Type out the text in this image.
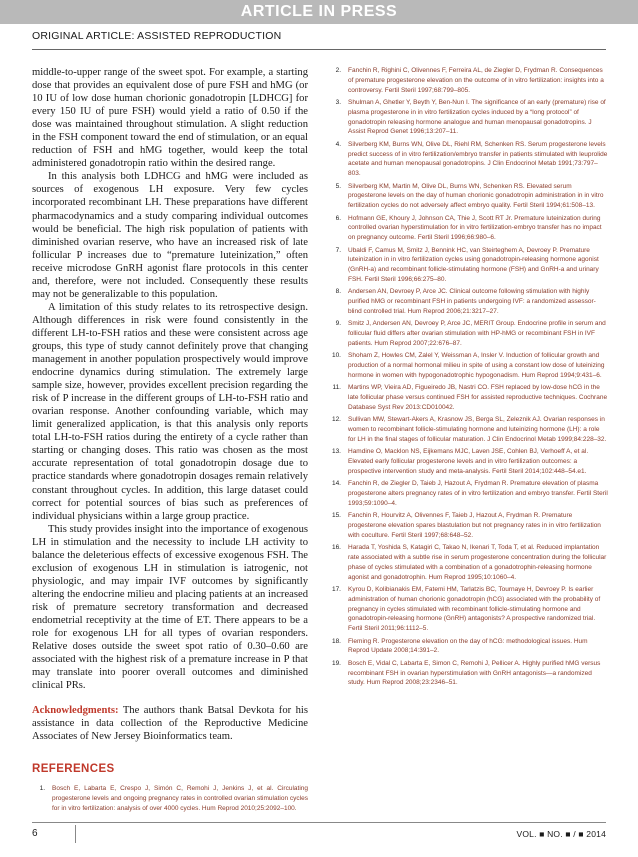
ARTICLE IN PRESS
ORIGINAL ARTICLE: ASSISTED REPRODUCTION

middle-to-upper range of the sweet spot. For example, a starting dose that provides an equivalent dose of pure FSH and hMG (or 10 IU of low dose human chorionic gonadotropin [LDHCG] for every 150 IU of pure FSH) would yield a ratio of 0.50 if the dose was maintained throughout stimulation. A slight reduction in the FSH component toward the end of stimulation, or an equal reduction of FSH and hMG together, would keep the total administered gonadotropin ratio within the desired range.

In this analysis both LDHCG and hMG were included as sources of exogenous LH exposure. Very few cycles incorporated recombinant LH. These preparations have different pharmacodynamics and a study comparing individual outcomes would be beneficial. The high risk population of patients with diminished ovarian reserve, who have an increased risk of late follicular P increases due to “premature luteinization,” often receive microdose GnRH agonist flare protocols in this center and, therefore, were not included. Consequently these results may not be generalizable to this population.

A limitation of this study relates to its retrospective design. Although differences in risk were found consistently in the different LH-to-FSH ratios and these were consistent across age groups, this type of study cannot definitely prove that changing management in another population prospectively would improve endocrine dynamics during stimulation. The extremely large sample size, however, provides excellent precision regarding the risk of P increase in the different groups of LH-to-FSH ratio and ovarian response. Another confounding variable, which may limit generalized application, is that this analysis only reports total LH-to-FSH ratios during the entirety of a cycle rather than starting or changing doses. This ratio was chosen as the most accurate representation of total gonadotropin dosage due to practice standards where gonadotropin dosages remain relatively constant throughout cycles. In addition, this large dataset could correct for potential sources of bias such as preferences of individual physicians within a large group practice.

This study provides insight into the importance of exogenous LH in stimulation and the necessity to include LH activity to balance the deleterious effects of excessive exogenous FSH. The exclusion of exogenous LH in stimulation is iatrogenic, not physiologic, and may impair IVF outcomes by significantly altering the endocrine milieu and placing patients at an increased risk of premature secretory transformation and decreased endometrial receptivity at the time of ET. There appears to be a role for exogenous LH for all types of ovarian responders. Relative doses outside the sweet spot ratio of 0.30–0.60 are associated with the highest risk of a premature increase in P that may translate into poorer overall outcomes and diminished clinical PRs.

Acknowledgments: The authors thank Batsal Devkota for his assistance in data collection of the Reproductive Medicine Associates of New Jersey Bioinformatics team.

REFERENCES
1. Bosch E, Labarta E, Crespo J, Simón C, Remohi J, Jenkins J, et al. Circulating progesterone levels and ongoing pregnancy rates in controlled ovarian stimulation cycles for in vitro fertilization: analysis of over 4000 cycles. Hum Reprod 2010;25:2092–100.
2. Fanchin R, Righini C, Olivennes F, Ferreira AL, de Ziegler D, Frydman R. Consequences of premature progesterone elevation on the outcome of in vitro fertilization: insights into a controversy. Fertil Steril 1997;68:799–805.
3. Shulman A, Ghetler Y, Beyth Y, Ben-Nun I. The significance of an early (premature) rise of plasma progesterone in in vitro fertilization cycles induced by a “long protocol” of gonadotropin releasing hormone analogue and human menopausal gonadotropins. J Assist Reprod Genet 1996;13:207–11.
4. Silverberg KM, Burns WN, Olive DL, Riehl RM, Schenken RS. Serum progesterone levels predict success of in vitro fertilization/embryo transfer in patients stimulated with leuprolide acetate and human menopausal gonadotropins. J Clin Endocrinol Metab 1991;73:797–803.
5. Silverberg KM, Martin M, Olive DL, Burns WN, Schenken RS. Elevated serum progesterone levels on the day of human chorionic gonadotropin administration in in vitro fertilization cycles do not adversely affect embryo quality. Fertil Steril 1994;61:508–13.
6. Hofmann GE, Khoury J, Johnson CA, Thie J, Scott RT Jr. Premature luteinization during controlled ovarian hyperstimulation for in vitro fertilization-embryo transfer has no impact on pregnancy outcome. Fertil Steril 1996;66:980–6.
7. Ubaldi F, Camus M, Smitz J, Bennink HC, van Steirteghem A, Devroey P. Premature luteinization in in vitro fertilization cycles using gonadotropin-releasing hormone agonist (GnRH-a) and recombinant follicle-stimulating hormone (FSH) and GnRH-a and urinary FSH. Fertil Steril 1996;66:275–80.
8. Andersen AN, Devroey P, Arce JC. Clinical outcome following stimulation with highly purified hMG or recombinant FSH in patients undergoing IVF: a randomized assessor-blind controlled trial. Hum Reprod 2006;21:3217–27.
9. Smitz J, Andersen AN, Devroey P, Arce JC, MERIT Group. Endocrine profile in serum and follicular fluid differs after ovarian stimulation with HP-hMG or recombinant FSH in IVF patients. Hum Reprod 2007;22:676–87.
10. Shoham Z, Howles CM, Zalel Y, Weissman A, Insler V. Induction of follicular growth and production of a normal hormonal milieu in spite of using a constant low dose of luteinizing hormone in women with hypogonadotrophic hypogonadism. Hum Reprod 1994;9:431–6.
11. Martins WP, Vieira AD, Figueiredo JB, Nastri CO. FSH replaced by low-dose hCG in the late follicular phase versus continued FSH for assisted reproductive techniques. Cochrane Database Syst Rev 2013:CD010042.
12. Sullivan MW, Stewart-Akers A, Krasnow JS, Berga SL, Zeleznik AJ. Ovarian responses in women to recombinant follicle-stimulating hormone and luteinizing hormone (LH): a role for LH in the final stages of follicular maturation. J Clin Endocrinol Metab 1999;84:228–32.
13. Hamdine O, Macklon NS, Eijkemans MJC, Laven JSE, Cohlen BJ, Verhoeff A, et al. Elevated early follicular progesterone levels and in vitro fertilization outcomes: a prospective intervention study and meta-analysis. Fertil Steril 2014;102:448–54.e1.
14. Fanchin R, de Ziegler D, Taieb J, Hazout A, Frydman R. Premature elevation of plasma progesterone alters pregnancy rates of in vitro fertilization and embryo transfer. Fertil Steril 1993;59:1090–4.
15. Fanchin R, Hourvitz A, Olivennes F, Taieb J, Hazout A, Frydman R. Premature progesterone elevation spares blastulation but not pregnancy rates in in vitro fertilization with coculture. Fertil Steril 1997;68:648–52.
16. Harada T, Yoshida S, Katagiri C, Takao N, Ikenari T, Toda T, et al. Reduced implantation rate associated with a subtle rise in serum progesterone concentration during the follicular phase of cycles stimulated with a combination of a gonadotrophin-releasing hormone agonist and gonadotrophin. Hum Reprod 1995;10:1060–4.
17. Kyrou D, Kolibianakis EM, Fatemi HM, Tarlatzis BC, Tournaye H, Devroey P. Is earlier administration of human chorionic gonadotropin (hCG) associated with the probability of pregnancy in cycles stimulated with recombinant follicle-stimulating hormone and gonadotropin-releasing hormone (GnRH) antagonists? A prospective randomized trial. Fertil Steril 2011;96:1112–5.
18. Fleming R. Progesterone elevation on the day of hCG: methodological issues. Hum Reprod Update 2008;14:391–2.
19. Bosch E, Vidal C, Labarta E, Simon C, Remohi J, Pellicer A. Highly purified hMG versus recombinant FSH in ovarian hyperstimulation with GnRH antagonists—a randomized study. Hum Reprod 2008;23:2346–51.
6	VOL. ■ NO. ■ / ■ 2014
